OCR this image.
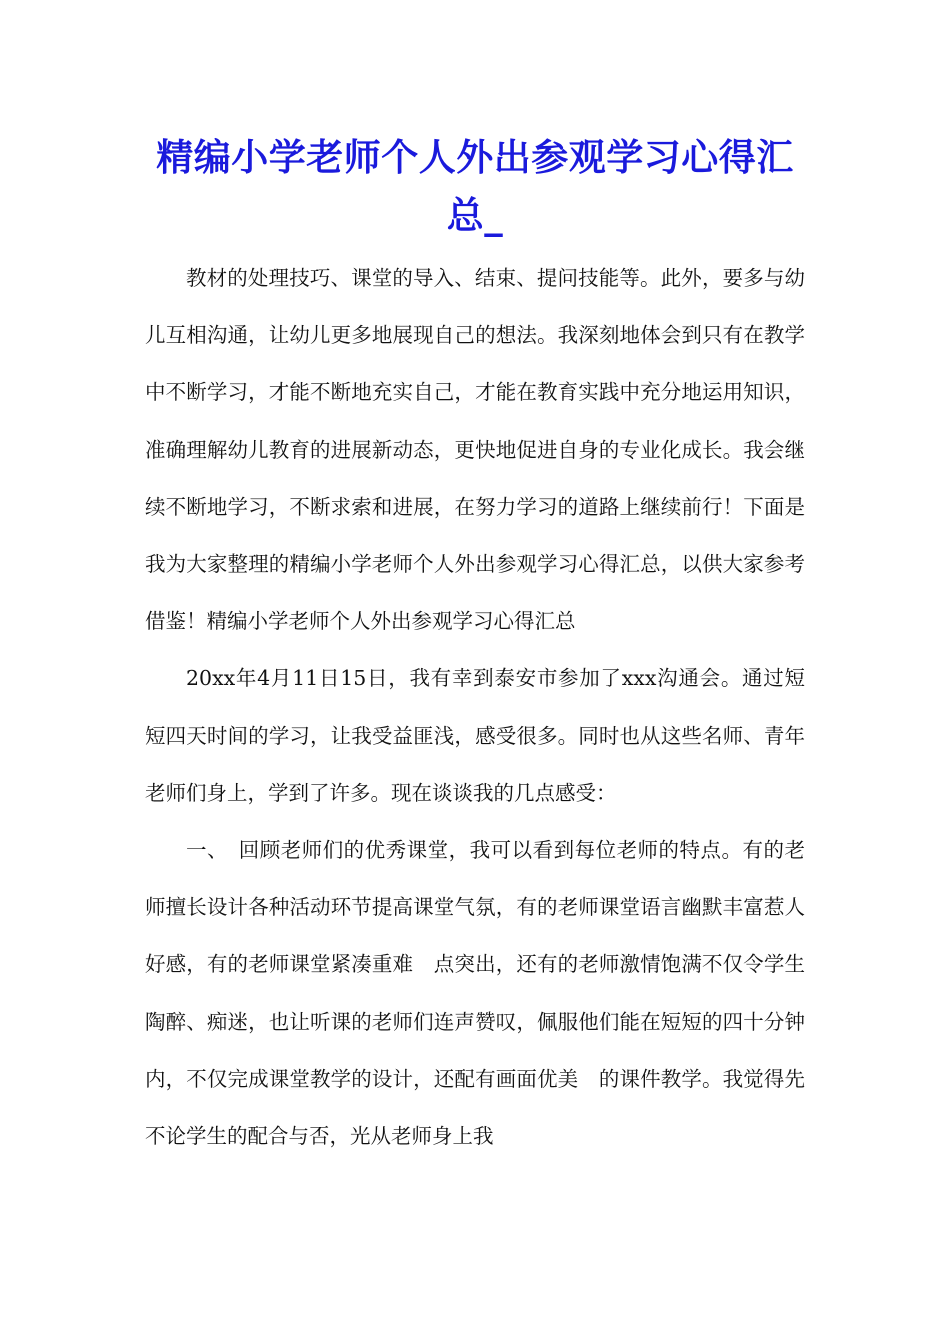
精编小学老师个人外出参观学习心得汇总_

教材的处理技巧、课堂的导入、结束、提问技能等。此外，要多与幼儿互相沟通，让幼儿更多地展现自己的想法。我深刻地体会到只有在教学中不断学习，才能不断地充实自己，才能在教育实践中充分地运用知识，准确理解幼儿教育的进展新动态，更快地促进自身的专业化成长。我会继续不断地学习，不断求索和进展，在努力学习的道路上继续前行！下面是我为大家整理的精编小学老师个人外出参观学习心得汇总，以供大家参考借鉴！精编小学老师个人外出参观学习心得汇总

20xx年4月11日15日，我有幸到泰安市参加了xxx沟通会。通过短短四天时间的学习，让我受益匪浅，感受很多。同时也从这些名师、青年老师们身上，学到了许多。现在谈谈我的几点感受：

一、　回顾老师们的优秀课堂，我可以看到每位老师的特点。有的老师擅长设计各种活动环节提高课堂气氛，有的老师课堂语言幽默丰富惹人好感，有的老师课堂紧凑重难　点突出，还有的老师激情饱满不仅令学生陶醉、痴迷，也让听课的老师们连声赞叹，佩服他们能在短短的四十分钟内，不仅完成课堂教学的设计，还配有画面优美　的课件教学。我觉得先不论学生的配合与否，光从老师身上我
